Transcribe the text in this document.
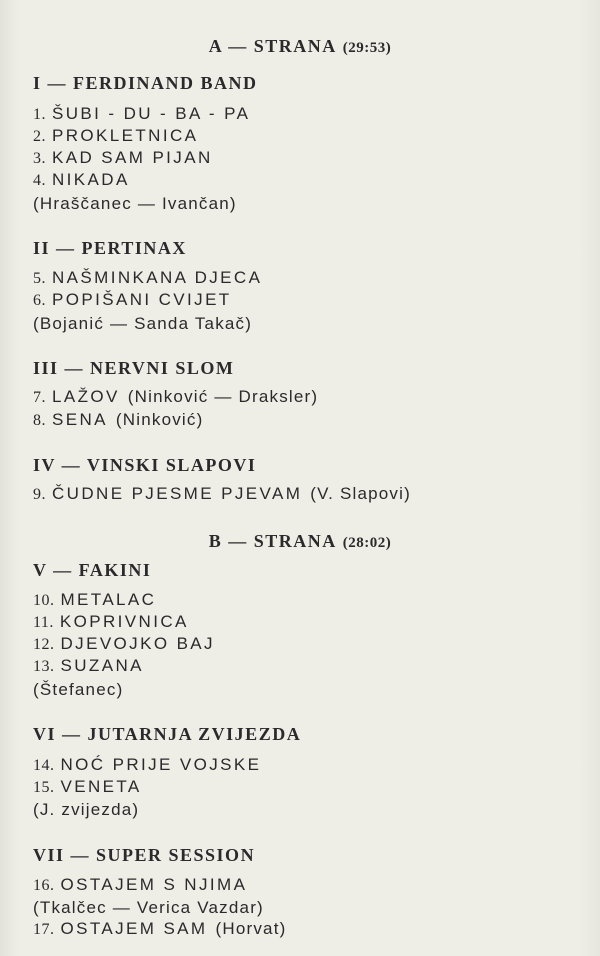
A — STRANA (29:53)
I — FERDINAND BAND
1. ŠUBI - DU - BA - PA
2. PROKLETNICA
3. KAD SAM PIJAN
4. NIKADA
(Hraščanec — Ivančan)
II — PERTINAX
5. NAŠMINKANA DJECA
6. POPIŠANI CVIJET
(Bojanić — Sanda Takač)
III — NERVNI SLOM
7. LAŽOV (Ninković — Draksler)
8. SENA (Ninković)
IV — VINSKI SLAPOVI
9. ČUDNE PJESME PJEVAM (V. Slapovi)
B — STRANA (28:02)
V — FAKINI
10. METALAC
11. KOPRIVNICA
12. DJEVOJKO BAJ
13. SUZANA
(Štefanec)
VI — JUTARNJA ZVIJEZDA
14. NOĆ PRIJE VOJSKE
15. VENETA
(J. zvijezda)
VII — SUPER SESSION
16. OSTAJEM S NJIMA
(Tkalčec — Verica Vazdar)
17. OSTAJEM SAM (Horvat)
